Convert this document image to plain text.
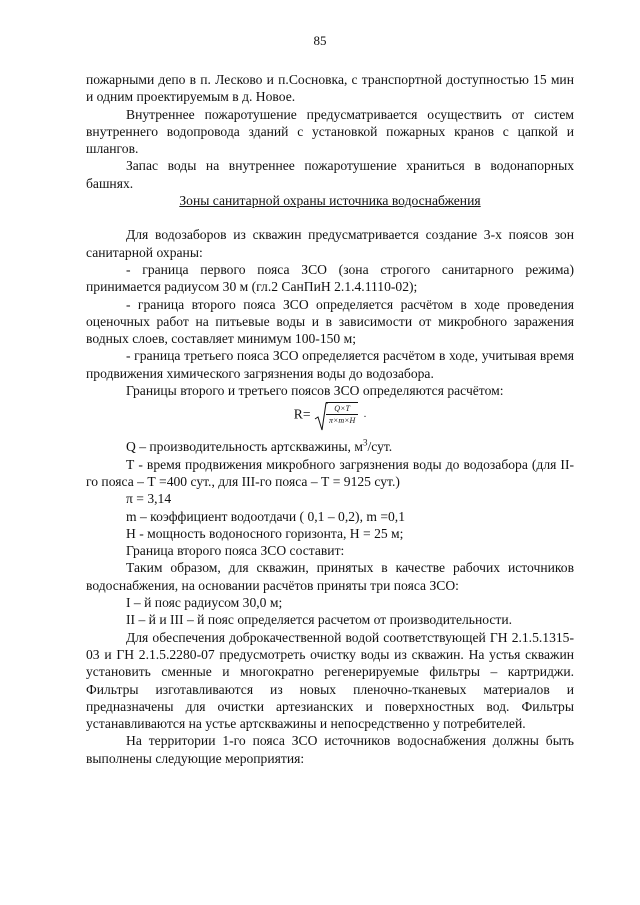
85

пожарными депо в п. Лесково и п.Сосновка, с транспортной доступностью 15 мин и одним проектируемым в д. Новое.

Внутреннее пожаротушение предусматривается осуществить от систем внутреннего водопровода зданий с установкой пожарных кранов с цапкой и шлангов.

Запас воды на внутреннее пожаротушение храниться в водонапорных башнях.

Зоны санитарной охраны источника водоснабжения

Для водозаборов из скважин предусматривается создание 3-х поясов зон санитарной охраны:

- граница первого пояса ЗСО (зона строгого санитарного режима) принимается радиусом 30 м (гл.2 СанПиН 2.1.4.1110-02);

- граница второго пояса ЗСО определяется расчётом в ходе проведения оценочных работ на питьевые воды и в зависимости от микробного заражения водных слоев, составляет минимум 100-150 м;

- граница третьего пояса ЗСО определяется расчётом в ходе, учитывая время продвижения химического загрязнения воды до водозабора.

Границы второго и третьего поясов ЗСО определяются расчётом:

$R= \frac{Q\times T}{\pi\times m\times H}$ .

Q – производительность артскважины, $м^3$/сут.

Т - время продвижения микробного загрязнения воды до водозабора (для II-го пояса – Т =400 сут., для III-го пояса – Т = 9125 сут.)

π = 3,14

m – коэффициент водоотдачи ( 0,1 – 0,2), m =0,1

H - мощность водоносного горизонта, Н = 25 м;

Граница второго пояса ЗСО составит:

Таким образом, для скважин, принятых в качестве рабочих источников водоснабжения, на основании расчётов приняты три пояса ЗСО:

I – й пояс радиусом 30,0 м;

II – й и III – й пояс определяется расчетом от производительности.

Для обеспечения доброкачественной водой соответствующей ГН 2.1.5.1315-03 и ГН 2.1.5.2280-07 предусмотреть очистку воды из скважин. На устья скважин установить сменные и многократно регенерируемые фильтры – картриджи. Фильтры изготавливаются из новых пленочно-тканевых материалов и предназначены для очистки артезианских и поверхностных вод. Фильтры устанавливаются на устье артскважины и непосредственно у потребителей.

На территории 1-го пояса ЗСО источников водоснабжения должны быть выполнены следующие мероприятия:
